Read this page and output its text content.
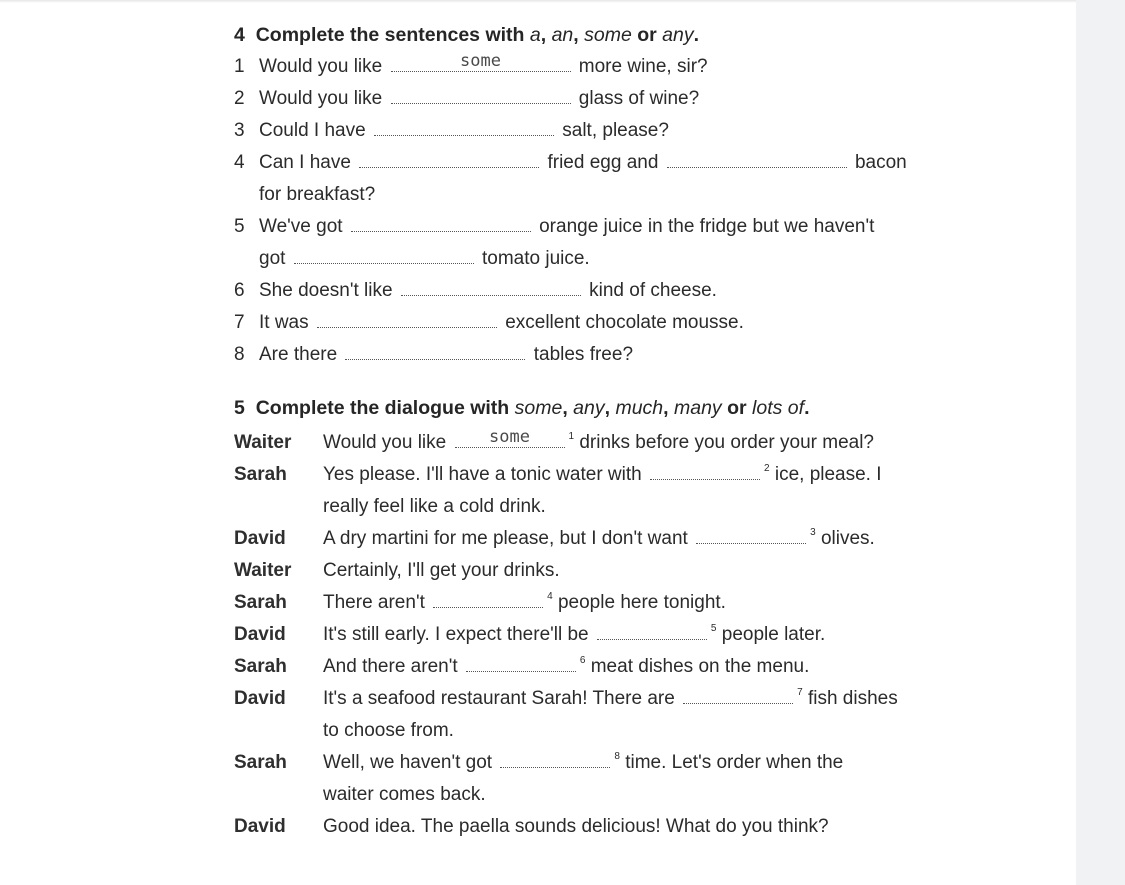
4 Complete the sentences with a, an, some or any.
1 Would you like	some	more wine, sir?
2 Would you like	glass of wine?
3 Could I have	salt, please?
4 Can I have	fried egg and	bacon
for breakfast?
5 We've got	orange juice in the fridge but we haven't
got	tomato juice.
6 She doesn't like	kind of cheese.
7 It was	excellent chocolate mousse.
8 Are there	tables free?
5 Complete the dialogue with some, any, much, many or lots of.
Waiter	Would you like	some	$^1$ drinks before you order your meal?
Sarah	Yes please. I'll have a tonic water with	$^2$ ice, please. I
really feel like a cold drink.
David	A dry martini for me please, but I don't want	$^3$ olives.
Waiter	Certainly, I'll get your drinks.
Sarah	There aren't	$^4$ people here tonight.
David	It's still early. I expect there'll be	$^5$ people later.
Sarah	And there aren't	$^6$ meat dishes on the menu.
David	It's a seafood restaurant Sarah! There are	$^7$ fish dishes
to choose from.
Sarah	Well, we haven't got	$^8$ time. Let's order when the
waiter comes back.
David	Good idea. The paella sounds delicious! What do you think?
